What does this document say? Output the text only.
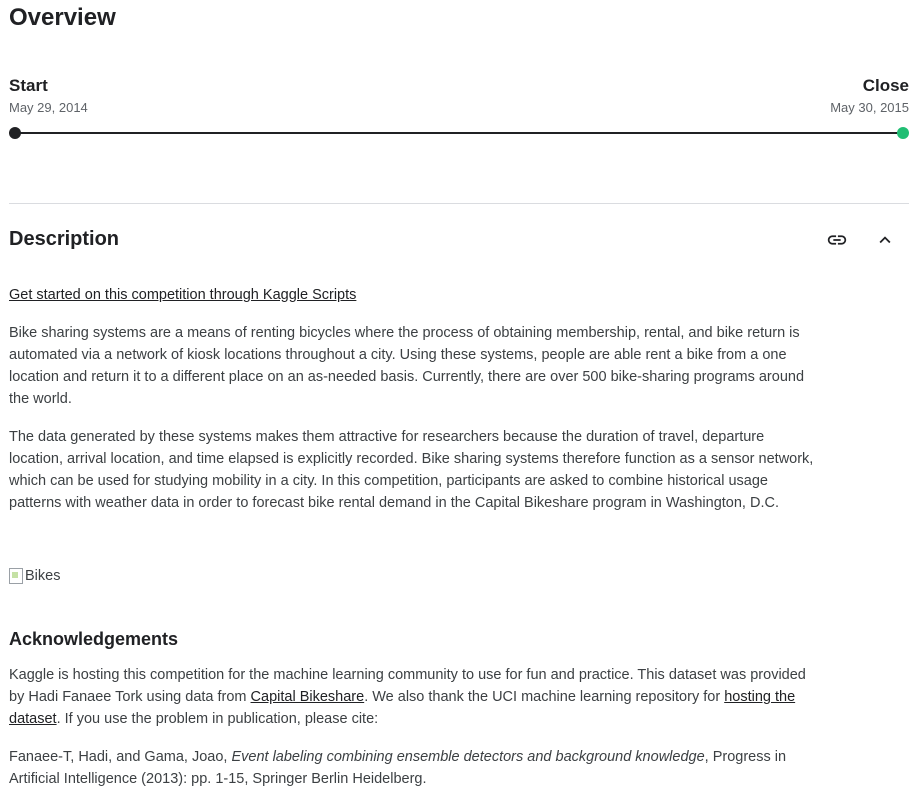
Overview
Start
May 29, 2014
Close
May 30, 2015
Description
Get started on this competition through Kaggle Scripts

Bike sharing systems are a means of renting bicycles where the process of obtaining membership, rental, and bike return is automated via a network of kiosk locations throughout a city. Using these systems, people are able rent a bike from a one location and return it to a different place on an as-needed basis. Currently, there are over 500 bike-sharing programs around the world.

The data generated by these systems makes them attractive for researchers because the duration of travel, departure location, arrival location, and time elapsed is explicitly recorded. Bike sharing systems therefore function as a sensor network, which can be used for studying mobility in a city. In this competition, participants are asked to combine historical usage patterns with weather data in order to forecast bike rental demand in the Capital Bikeshare program in Washington, D.C.

Bikes
Acknowledgements

Kaggle is hosting this competition for the machine learning community to use for fun and practice. This dataset was provided by Hadi Fanaee Tork using data from Capital Bikeshare. We also thank the UCI machine learning repository for hosting the dataset. If you use the problem in publication, please cite:

Fanaee-T, Hadi, and Gama, Joao, Event labeling combining ensemble detectors and background knowledge, Progress in Artificial Intelligence (2013): pp. 1-15, Springer Berlin Heidelberg.
